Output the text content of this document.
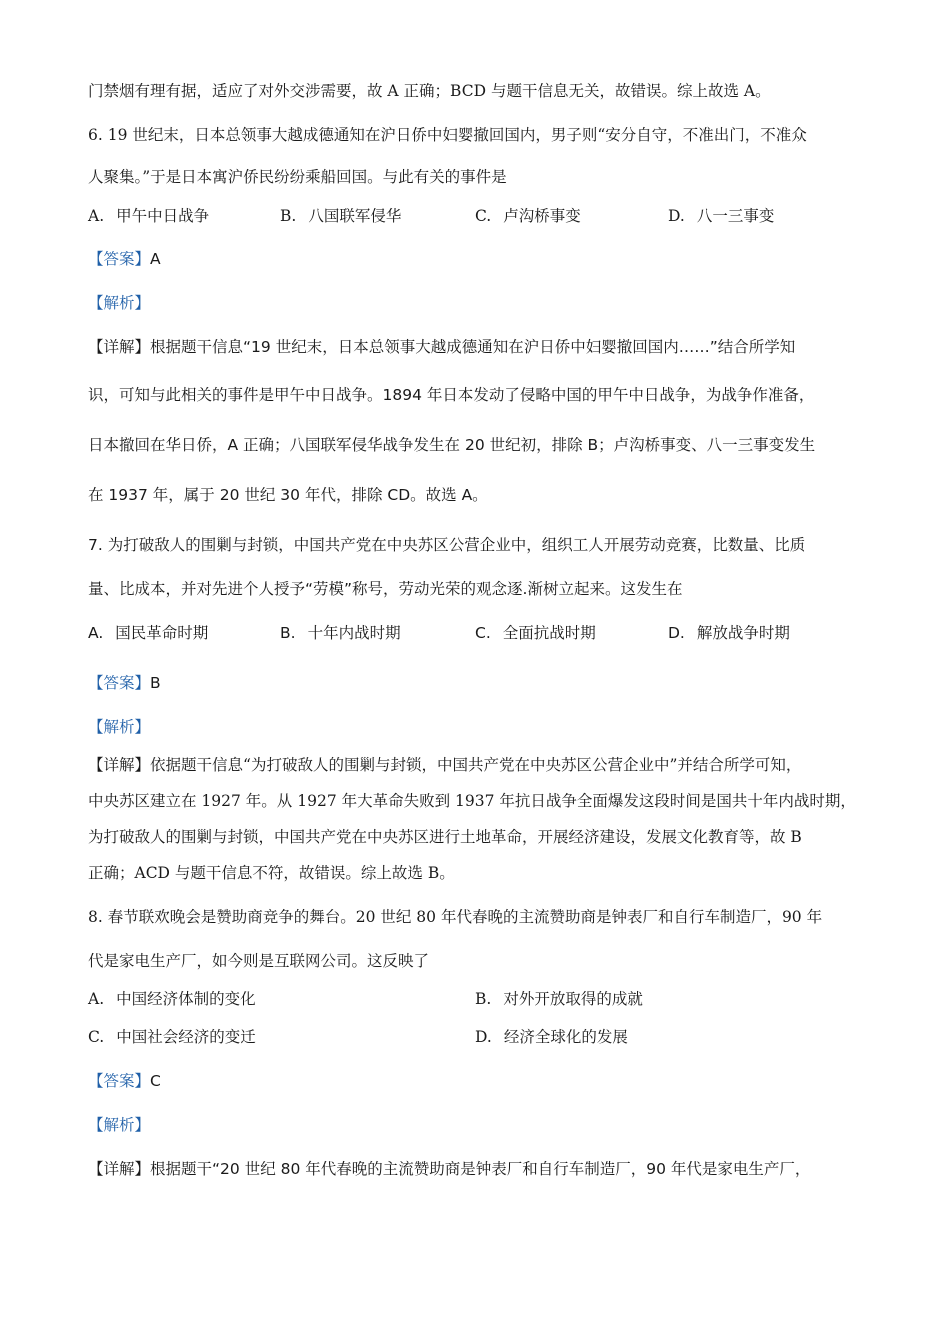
门禁烟有理有据，适应了对外交涉需要，故 A 正确；BCD 与题干信息无关，故错误。综上故选 A。
6. 19 世纪末，日本总领事大越成德通知在沪日侨中妇婴撤回国内，男子则“安分自守，不准出门，不准众
人聚集。”于是日本寓沪侨民纷纷乘船回国。与此有关的事件是
A. 甲午中日战争	B. 八国联军侵华	C. 卢沟桥事变	D. 八一三事变
【答案】A
【解析】
【详解】根据题干信息“19 世纪末，日本总领事大越成德通知在沪日侨中妇婴撤回国内……”结合所学知
识，可知与此相关的事件是甲午中日战争。1894 年日本发动了侵略中国的甲午中日战争，为战争作准备，
日本撤回在华日侨，A 正确；八国联军侵华战争发生在 20 世纪初，排除 B；卢沟桥事变、八一三事变发生
在 1937 年，属于 20 世纪 30 年代，排除 CD。故选 A。
7. 为打破敌人的围剿与封锁，中国共产党在中央苏区公营企业中，组织工人开展劳动竞赛，比数量、比质
量、比成本，并对先进个人授予“劳模”称号，劳动光荣的观念逐.渐树立起来。这发生在
A. 国民革命时期	B. 十年内战时期	C. 全面抗战时期	D. 解放战争时期
【答案】B
【解析】
【详解】依据题干信息“为打破敌人的围剿与封锁，中国共产党在中央苏区公营企业中”并结合所学可知，
中央苏区建立在 1927 年。从 1927 年大革命失败到 1937 年抗日战争全面爆发这段时间是国共十年内战时期，
为打破敌人的围剿与封锁，中国共产党在中央苏区进行土地革命，开展经济建设，发展文化教育等，故 B
正确；ACD 与题干信息不符，故错误。综上故选 B。
8. 春节联欢晚会是赞助商竞争的舞台。20 世纪 80 年代春晚的主流赞助商是钟表厂和自行车制造厂，90 年
代是家电生产厂，如今则是互联网公司。这反映了
A. 中国经济体制的变化	B. 对外开放取得的成就
C. 中国社会经济的变迁	D. 经济全球化的发展
【答案】C
【解析】
【详解】根据题干“20 世纪 80 年代春晚的主流赞助商是钟表厂和自行车制造厂，90 年代是家电生产厂，
